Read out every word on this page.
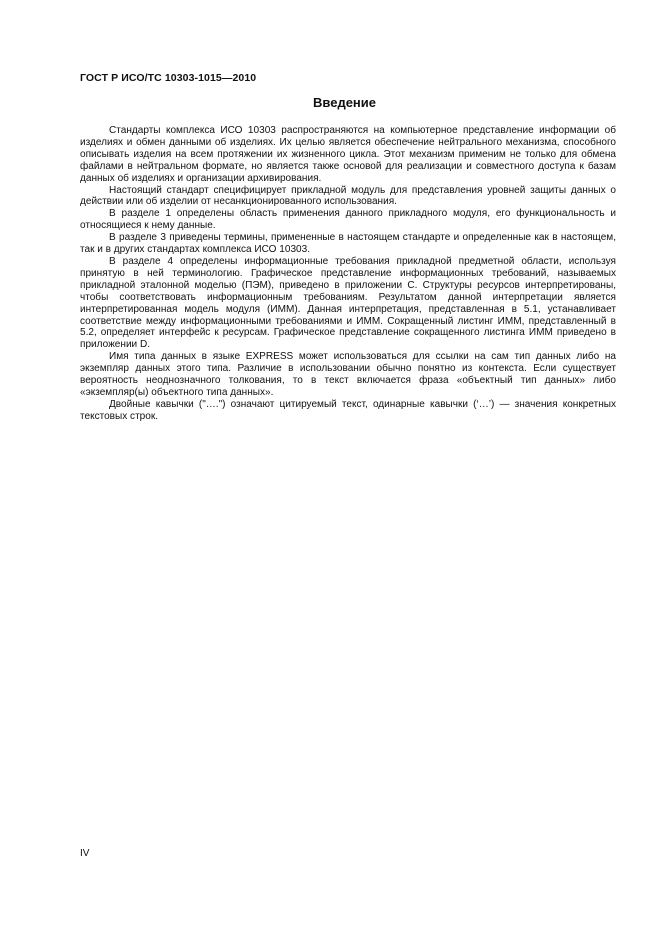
ГОСТ Р ИСО/ТС 10303-1015—2010
Введение

Стандарты комплекса ИСО 10303 распространяются на компьютерное представление информации об изделиях и обмен данными об изделиях. Их целью является обеспечение нейтрального механизма, способного описывать изделия на всем протяжении их жизненного цикла. Этот механизм применим не только для обмена файлами в нейтральном формате, но является также основой для реализации и совместного доступа к базам данных об изделиях и организации архивирования.

Настоящий стандарт специфицирует прикладной модуль для представления уровней защиты данных о действии или об изделии от несанкционированного использования.

В разделе 1 определены область применения данного прикладного модуля, его функциональность и относящиеся к нему данные.

В разделе 3 приведены термины, примененные в настоящем стандарте и определенные как в настоящем, так и в других стандартах комплекса ИСО 10303.

В разделе 4 определены информационные требования прикладной предметной области, используя принятую в ней терминологию. Графическое представление информационных требований, называемых прикладной эталонной моделью (ПЭМ), приведено в приложении С. Структуры ресурсов интерпретированы, чтобы соответствовать информационным требованиям. Результатом данной интерпретации является интерпретированная модель модуля (ИММ). Данная интерпретация, представленная в 5.1, устанавливает соответствие между информационными требованиями и ИММ. Сокращенный листинг ИММ, представленный в 5.2, определяет интерфейс к ресурсам. Графическое представление сокращенного листинга ИММ приведено в приложении D.

Имя типа данных в языке EXPRESS может использоваться для ссылки на сам тип данных либо на экземпляр данных этого типа. Различие в использовании обычно понятно из контекста. Если существует вероятность неоднозначного толкования, то в текст включается фраза «объектный тип данных» либо «экземпляр(ы) объектного типа данных».

Двойные кавычки ("….") означают цитируемый текст, одинарные кавычки (‘…’) — значения конкретных текстовых строк.

IV
